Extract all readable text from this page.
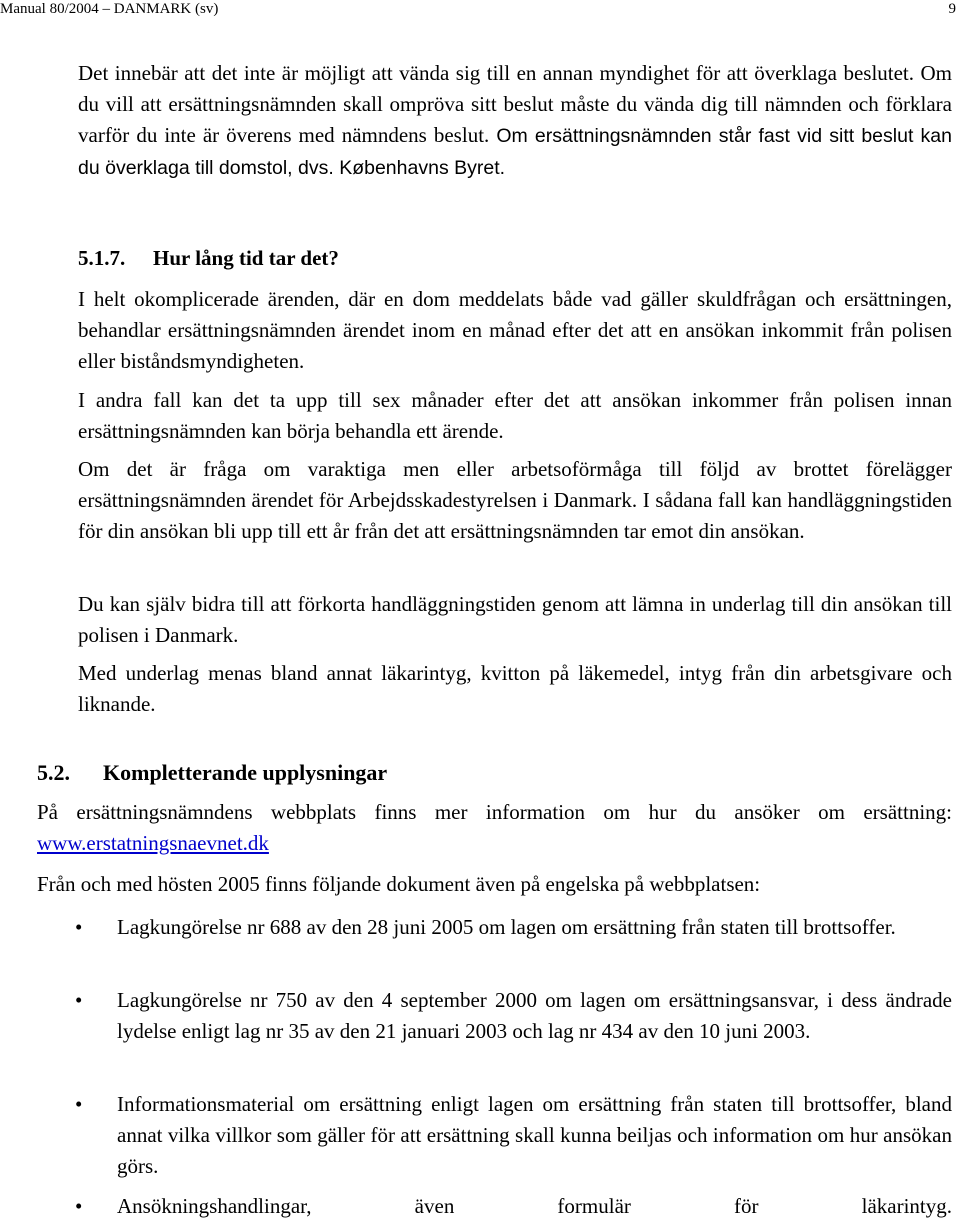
Manual 80/2004 – DANMARK (sv)	9
Det innebär att det inte är möjligt att vända sig till en annan myndighet för att överklaga beslutet. Om du vill att ersättningsnämnden skall ompröva sitt beslut måste du vända dig till nämnden och förklara varför du inte är överens med nämndens beslut. Om ersättningsnämnden står fast vid sitt beslut kan du överklaga till domstol, dvs. Københavns Byret.
5.1.7. Hur lång tid tar det?
I helt okomplicerade ärenden, där en dom meddelats både vad gäller skuldfrågan och ersättningen, behandlar ersättningsnämnden ärendet inom en månad efter det att en ansökan inkommit från polisen eller biståndsmyndigheten.
I andra fall kan det ta upp till sex månader efter det att ansökan inkommer från polisen innan ersättningsnämnden kan börja behandla ett ärende.
Om det är fråga om varaktiga men eller arbetsoförmåga till följd av brottet förelägger ersättningsnämnden ärendet för Arbejdsskadestyrelsen i Danmark. I sådana fall kan handläggningstiden för din ansökan bli upp till ett år från det att ersättningsnämnden tar emot din ansökan.
Du kan själv bidra till att förkorta handläggningstiden genom att lämna in underlag till din ansökan till polisen i Danmark.
Med underlag menas bland annat läkarintyg, kvitton på läkemedel, intyg från din arbetsgivare och liknande.
5.2. Kompletterande upplysningar
På ersättningsnämndens webbplats finns mer information om hur du ansöker om ersättning: www.erstatningsnaevnet.dk
Från och med hösten 2005 finns följande dokument även på engelska på webbplatsen:
• Lagkungörelse nr 688 av den 28 juni 2005 om lagen om ersättning från staten till brottsoffer.
• Lagkungörelse nr 750 av den 4 september 2000 om lagen om ersättningsansvar, i dess ändrade lydelse enligt lag nr 35 av den 21 januari 2003 och lag nr 434 av den 10 juni 2003.
• Informationsmaterial om ersättning enligt lagen om ersättning från staten till brottsoffer, bland annat vilka villkor som gäller för att ersättning skall kunna beiljas och information om hur ansökan görs.
• Ansökningshandlingar, även formulär för läkarintyg.
